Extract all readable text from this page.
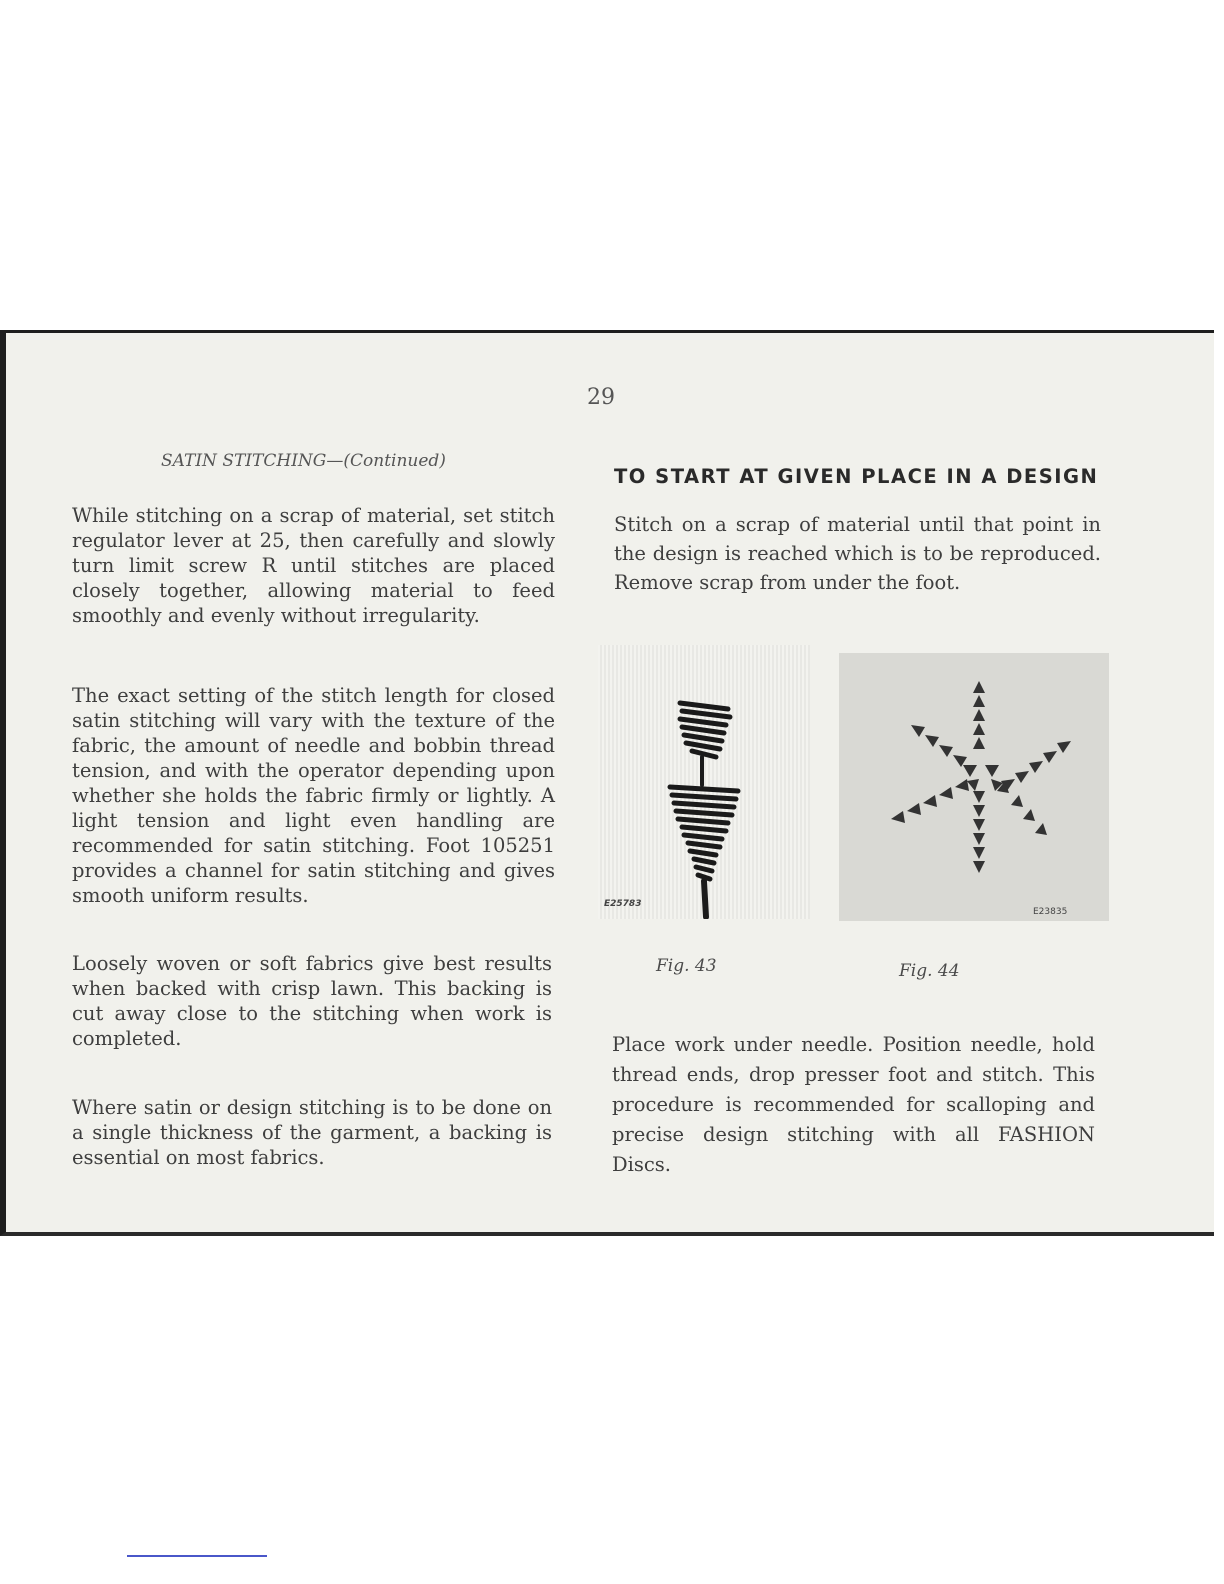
29
SATIN STITCHING—(Continued)
TO START AT GIVEN PLACE IN A DESIGN

While stitching on a scrap of material, set stitch regulator lever at 25, then carefully and slowly turn limit screw R until stitches are placed closely together, allowing material to feed smoothly and evenly without irregularity.

The exact setting of the stitch length for closed satin stitching will vary with the texture of the fabric, the amount of needle and bobbin thread tension, and with the operator depending upon whether she holds the fabric firmly or lightly. A light tension and light even handling are recommended for satin stitching. Foot 105251 provides a channel for satin stitching and gives smooth uniform results.

Loosely woven or soft fabrics give best results when backed with crisp lawn. This backing is cut away close to the stitching when work is completed.

Where satin or design stitching is to be done on a single thickness of the garment, a backing is essential on most fabrics.

Stitch on a scrap of material until that point in the design is reached which is to be reproduced. Remove scrap from under the foot.

Place work under needle. Position needle, hold thread ends, drop presser foot and stitch. This procedure is recommended for scalloping and precise design stitching with all FASHION Discs.

E25783
E23835
Fig. 43	Fig. 44
